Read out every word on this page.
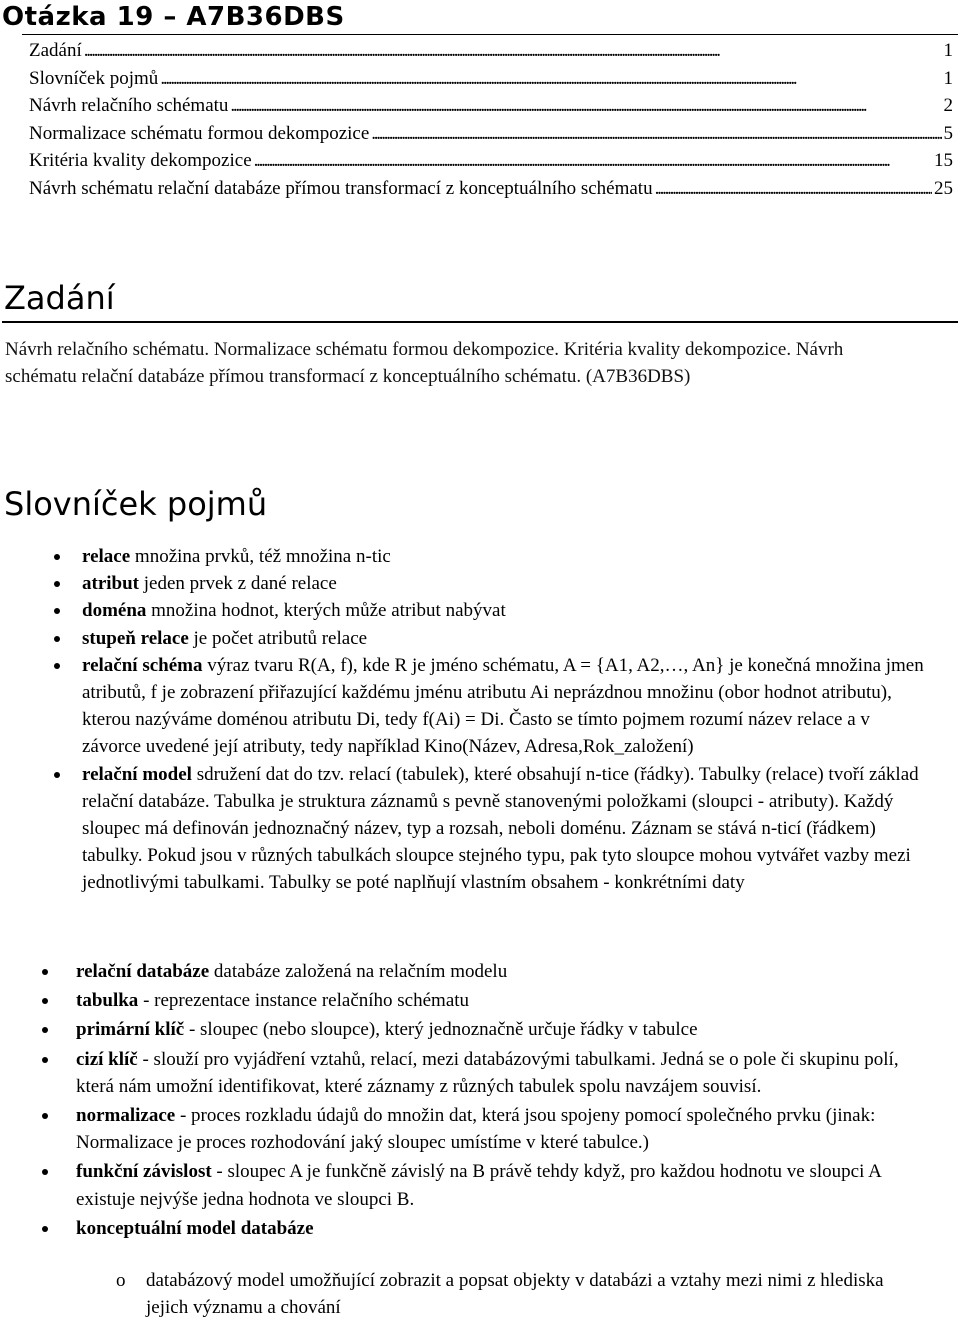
Otázka 19 – A7B36DBS
Zadání . . .	1
Slovníček pojmů . . .	1
Návrh relačního schématu . . .	2
Normalizace schématu formou dekompozice . . .	5
Kritéria kvality dekompozice . . .	15
Návrh schématu relační databáze přímou transformací z konceptuálního schématu . . .	25
Zadání

Návrh relačního schématu. Normalizace schématu formou dekompozice. Kritéria kvality dekompozice. Návrh schématu relační databáze přímou transformací z konceptuálního schématu. (A7B36DBS)

Slovníček pojmů
relace množina prvků, též množina n-tic
atribut jeden prvek z dané relace
doména množina hodnot, kterých může atribut nabývat
stupeň relace je počet atributů relace
relační schéma výraz tvaru R(A, f), kde R je jméno schématu, A = {A1, A2,…, An} je konečná množina jmen atributů, f je zobrazení přiřazující každému jménu atributu Ai neprázdnou množinu (obor hodnot atributu), kterou nazýváme doménou atributu Di, tedy f(Ai) = Di. Často se tímto pojmem rozumí název relace a v závorce uvedené její atributy, tedy například Kino(Název, Adresa,Rok_založení)
relační model sdružení dat do tzv. relací (tabulek), které obsahují n-tice (řádky). Tabulky (relace) tvoří základ relační databáze. Tabulka je struktura záznamů s pevně stanovenými položkami (sloupci - atributy). Každý sloupec má definován jednoznačný název, typ a rozsah, neboli doménu. Záznam se stává n-ticí (řádkem) tabulky. Pokud jsou v různých tabulkách sloupce stejného typu, pak tyto sloupce mohou vytvářet vazby mezi jednotlivými tabulkami. Tabulky se poté naplňují vlastním obsahem - konkrétními daty
relační databáze databáze založená na relačním modelu
tabulka - reprezentace instance relačního schématu
primární klíč - sloupec (nebo sloupce), který jednoznačně určuje řádky v tabulce
cizí klíč - slouží pro vyjádření vztahů, relací, mezi databázovými tabulkami. Jedná se o pole či skupinu polí, která nám umožní identifikovat, které záznamy z různých tabulek spolu navzájem souvisí.
normalizace - proces rozkladu údajů do množin dat, která jsou spojeny pomocí společného prvku (jinak: Normalizace je proces rozhodování jaký sloupec umístíme v které tabulce.)
funkční závislost - sloupec A je funkčně závislý na B právě tehdy když, pro každou hodnotu ve sloupci A existuje nejvýše jedna hodnota ve sloupci B.
konceptuální model databáze
o databázový model umožňující zobrazit a popsat objekty v databázi a vztahy mezi nimi z hlediska jejich významu a chování
